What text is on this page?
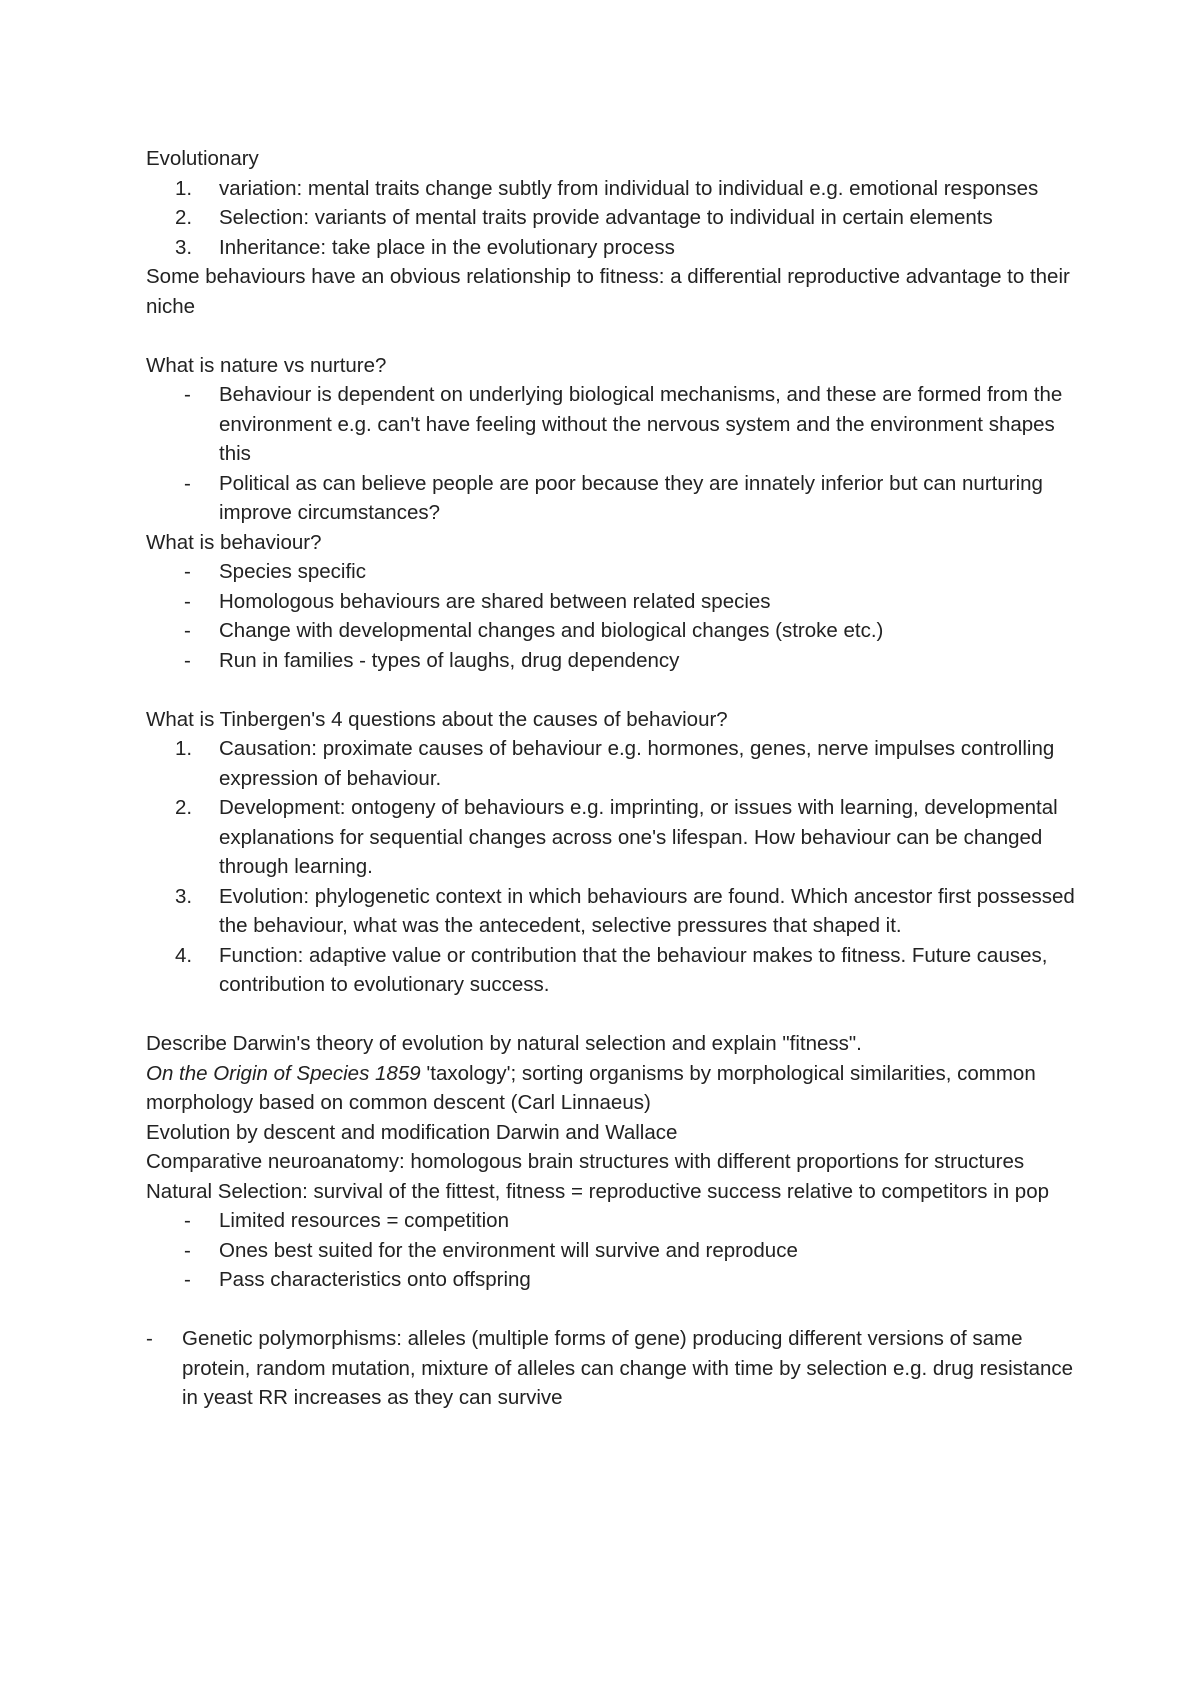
Evolutionary

1.	variation: mental traits change subtly from individual to individual e.g. emotional responses
2.	Selection: variants of mental traits provide advantage to individual in certain elements
3.	Inheritance: take place in the evolutionary process

Some behaviours have an obvious relationship to fitness: a differential reproductive advantage to their niche

What is nature vs nurture?

-	Behaviour is dependent on underlying biological mechanisms, and these are formed from the environment e.g. can't have feeling without the nervous system and the environment shapes this
-	Political as can believe people are poor because they are innately inferior but can nurturing improve circumstances?

What is behaviour?

-	Species specific
-	Homologous behaviours are shared between related species
-	Change with developmental changes and biological changes (stroke etc.)
-	Run in families - types of laughs, drug dependency

What is Tinbergen's 4 questions about the causes of behaviour?

1.	Causation: proximate causes of behaviour e.g. hormones, genes, nerve impulses controlling expression of behaviour.
2.	Development: ontogeny of behaviours e.g. imprinting, or issues with learning, developmental explanations for sequential changes across one's lifespan. How behaviour can be changed through learning.
3.	Evolution: phylogenetic context in which behaviours are found. Which ancestor first possessed the behaviour, what was the antecedent, selective pressures that shaped it.
4.	Function: adaptive value or contribution that the behaviour makes to fitness. Future causes, contribution to evolutionary success.

Describe Darwin's theory of evolution by natural selection and explain "fitness".

On the Origin of Species 1859 'taxology'; sorting organisms by morphological similarities, common morphology based on common descent (Carl Linnaeus)

Evolution by descent and modification Darwin and Wallace

Comparative neuroanatomy: homologous brain structures with different proportions for structures

Natural Selection: survival of the fittest, fitness = reproductive success relative to competitors in pop

-	Limited resources = competition
-	Ones best suited for the environment will survive and reproduce
-	Pass characteristics onto offspring
-	Genetic polymorphisms: alleles (multiple forms of gene) producing different versions of same protein, random mutation, mixture of alleles can change with time by selection e.g. drug resistance in yeast RR increases as they can survive
